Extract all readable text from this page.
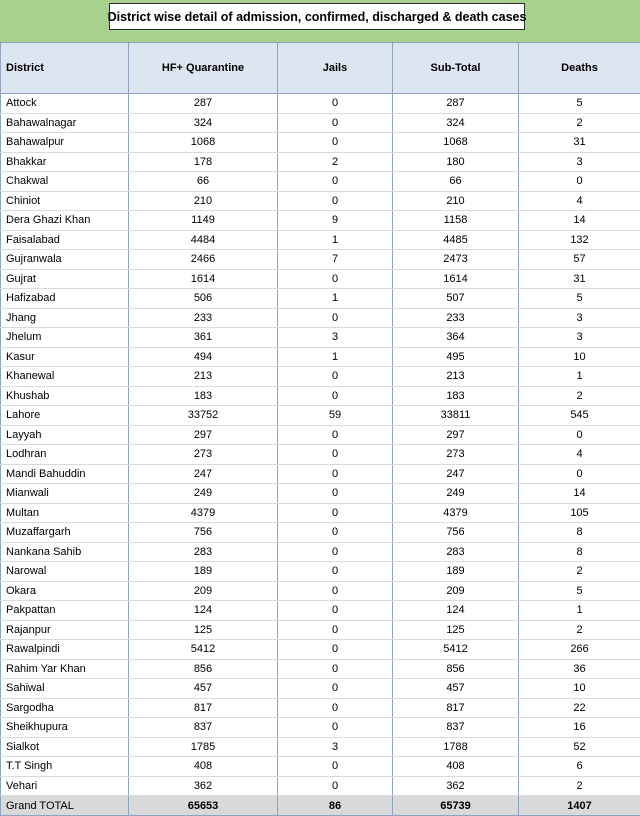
District wise detail of admission, confirmed, discharged & death cases
District	HF+ Quarantine	Jails	Sub-Total	Deaths
Attock	287	0	287	5
Bahawalnagar	324	0	324	2
Bahawalpur	1068	0	1068	31
Bhakkar	178	2	180	3
Chakwal	66	0	66	0
Chiniot	210	0	210	4
Dera Ghazi Khan	1149	9	1158	14
Faisalabad	4484	1	4485	132
Gujranwala	2466	7	2473	57
Gujrat	1614	0	1614	31
Hafizabad	506	1	507	5
Jhang	233	0	233	3
Jhelum	361	3	364	3
Kasur	494	1	495	10
Khanewal	213	0	213	1
Khushab	183	0	183	2
Lahore	33752	59	33811	545
Layyah	297	0	297	0
Lodhran	273	0	273	4
Mandi Bahuddin	247	0	247	0
Mianwali	249	0	249	14
Multan	4379	0	4379	105
Muzaffargarh	756	0	756	8
Nankana Sahib	283	0	283	8
Narowal	189	0	189	2
Okara	209	0	209	5
Pakpattan	124	0	124	1
Rajanpur	125	0	125	2
Rawalpindi	5412	0	5412	266
Rahim Yar Khan	856	0	856	36
Sahiwal	457	0	457	10
Sargodha	817	0	817	22
Sheikhupura	837	0	837	16
Sialkot	1785	3	1788	52
T.T Singh	408	0	408	6
Vehari	362	0	362	2
Grand TOTAL	65653	86	65739	1407
